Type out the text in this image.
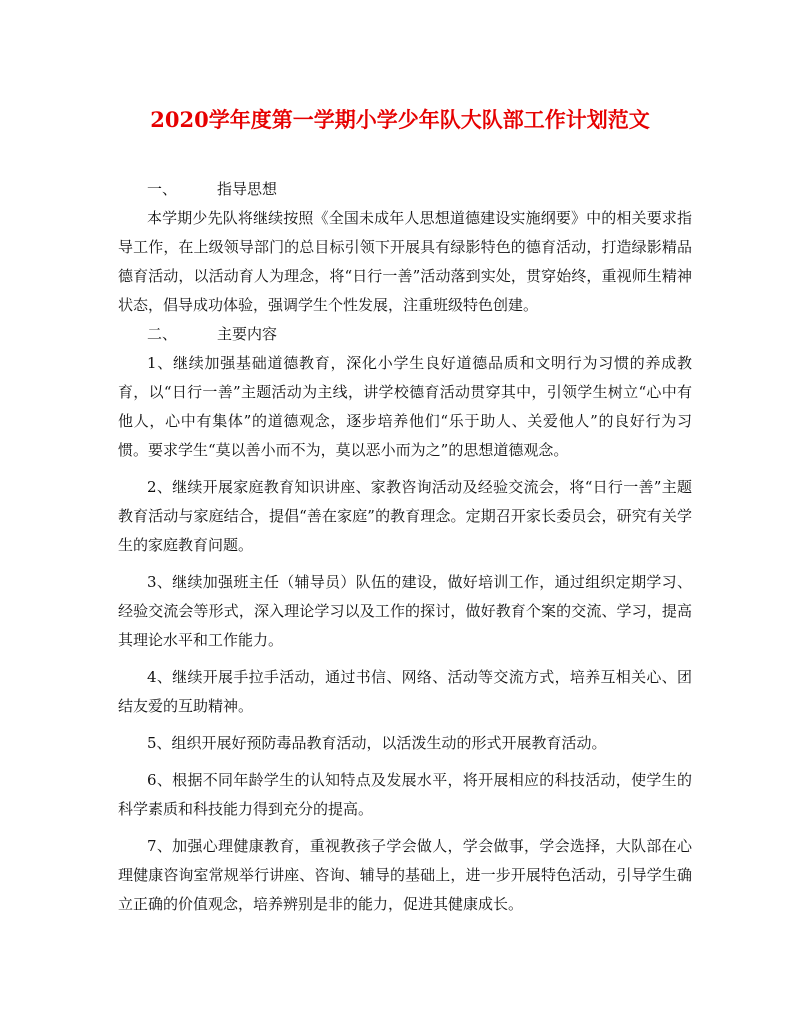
2020学年度第一学期小学少年队大队部工作计划范文
一、	指导思想

本学期少先队将继续按照《全国未成年人思想道德建设实施纲要》中的相关要求指导工作，在上级领导部门的总目标引领下开展具有绿影特色的德育活动，打造绿影精品德育活动，以活动育人为理念，将“日行一善”活动落到实处，贯穿始终，重视师生精神状态，倡导成功体验，强调学生个性发展，注重班级特色创建。

二、	主要内容

1、继续加强基础道德教育，深化小学生良好道德品质和文明行为习惯的养成教育，以“日行一善”主题活动为主线，讲学校德育活动贯穿其中，引领学生树立“心中有他人，心中有集体”的道德观念，逐步培养他们“乐于助人、关爱他人”的良好行为习惯。要求学生“莫以善小而不为，莫以恶小而为之”的思想道德观念。

2、继续开展家庭教育知识讲座、家教咨询活动及经验交流会，将“日行一善”主题教育活动与家庭结合，提倡“善在家庭”的教育理念。定期召开家长委员会，研究有关学生的家庭教育问题。

3、继续加强班主任（辅导员）队伍的建设，做好培训工作，通过组织定期学习、经验交流会等形式，深入理论学习以及工作的探讨，做好教育个案的交流、学习，提高其理论水平和工作能力。

4、继续开展手拉手活动，通过书信、网络、活动等交流方式，培养互相关心、团结友爱的互助精神。

5、组织开展好预防毒品教育活动，以活泼生动的形式开展教育活动。

6、根据不同年龄学生的认知特点及发展水平，将开展相应的科技活动，使学生的科学素质和科技能力得到充分的提高。

7、加强心理健康教育，重视教孩子学会做人，学会做事，学会选择，大队部在心理健康咨询室常规举行讲座、咨询、辅导的基础上，进一步开展特色活动，引导学生确立正确的价值观念，培养辨别是非的能力，促进其健康成长。
